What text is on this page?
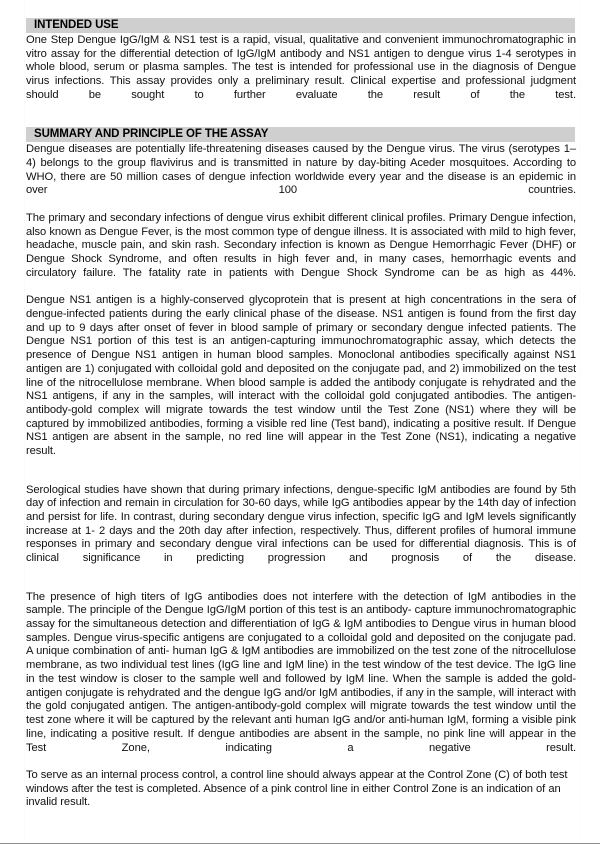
INTENDED USE

One Step Dengue IgG/IgM & NS1 test is a rapid, visual, qualitative and convenient immunochromatographic in vitro assay for the differential detection of IgG/IgM antibody and NS1 antigen to dengue virus 1-4 serotypes in whole blood, serum or plasma samples. The test is intended for professional use in the diagnosis of Dengue virus infections. This assay provides only a preliminary result. Clinical expertise and professional judgment should be sought to further evaluate the result of the test.

SUMMARY AND PRINCIPLE OF THE ASSAY

Dengue diseases are potentially life-threatening diseases caused by the Dengue virus. The virus (serotypes 1–4) belongs to the group flavivirus and is transmitted in nature by day-biting Aceder mosquitoes. According to WHO, there are 50 million cases of dengue infection worldwide every year and the disease is an epidemic in over 100 countries.

The primary and secondary infections of dengue virus exhibit different clinical profiles. Primary Dengue infection, also known as Dengue Fever, is the most common type of dengue illness. It is associated with mild to high fever, headache, muscle pain, and skin rash. Secondary infection is known as Dengue Hemorrhagic Fever (DHF) or Dengue Shock Syndrome, and often results in high fever and, in many cases, hemorrhagic events and circulatory failure. The fatality rate in patients with Dengue Shock Syndrome can be as high as 44%.

Dengue NS1 antigen is a highly-conserved glycoprotein that is present at high concentrations in the sera of dengue-infected patients during the early clinical phase of the disease. NS1 antigen is found from the first day and up to 9 days after onset of fever in blood sample of primary or secondary dengue infected patients. The Dengue NS1 portion of this test is an antigen-capturing immunochromatographic assay, which detects the presence of Dengue NS1 antigen in human blood samples. Monoclonal antibodies specifically against NS1 antigen are 1) conjugated with colloidal gold and deposited on the conjugate pad, and 2) immobilized on the test line of the nitrocellulose membrane. When blood sample is added the antibody conjugate is rehydrated and the NS1 antigens, if any in the samples, will interact with the colloidal gold conjugated antibodies. The antigen-antibody-gold complex will migrate towards the test window until the Test Zone (NS1) where they will be captured by immobilized antibodies, forming a visible red line (Test band), indicating a positive result. If Dengue NS1 antigen are absent in the sample, no red line will appear in the Test Zone (NS1), indicating a negative result.

Serological studies have shown that during primary infections, dengue-specific IgM antibodies are found by 5th day of infection and remain in circulation for 30-60 days, while IgG antibodies appear by the 14th day of infection and persist for life. In contrast, during secondary dengue virus infection, specific IgG and IgM levels significantly increase at 1- 2 days and the 20th day after infection, respectively. Thus, different profiles of humoral immune responses in primary and secondary dengue viral infections can be used for differential diagnosis. This is of clinical significance in predicting progression and prognosis of the disease.

The presence of high titers of IgG antibodies does not interfere with the detection of IgM antibodies in the sample. The principle of the Dengue IgG/IgM portion of this test is an antibody- capture immunochromatographic assay for the simultaneous detection and differentiation of IgG & IgM antibodies to Dengue virus in human blood samples. Dengue virus-specific antigens are conjugated to a colloidal gold and deposited on the conjugate pad. A unique combination of anti- human IgG & IgM antibodies are immobilized on the test zone of the nitrocellulose membrane, as two individual test lines (IgG line and IgM line) in the test window of the test device. The IgG line in the test window is closer to the sample well and followed by IgM line. When the sample is added the gold-antigen conjugate is rehydrated and the dengue IgG and/or IgM antibodies, if any in the sample, will interact with the gold conjugated antigen. The antigen-antibody-gold complex will migrate towards the test window until the test zone where it will be captured by the relevant anti human IgG and/or anti-human IgM, forming a visible pink line, indicating a positive result. If dengue antibodies are absent in the sample, no pink line will appear in the Test Zone, indicating a negative result.

To serve as an internal process control, a control line should always appear at the Control Zone (C) of both test windows after the test is completed. Absence of a pink control line in either Control Zone is an indication of an invalid result.
